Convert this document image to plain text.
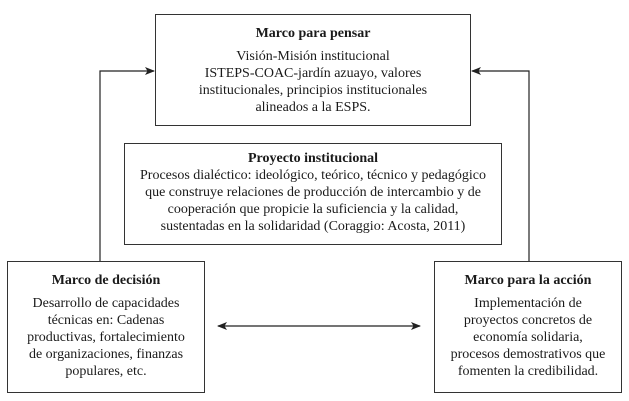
Marco para pensar
Visión-Misión institucional
ISTEPS-COAC-jardín azuayo, valores
institucionales, principios institucionales
alineados a la ESPS.
Proyecto institucional
Procesos dialéctico: ideológico, teórico, técnico y pedagógico
que construye relaciones de producción de intercambio y de
cooperación que propicie la suficiencia y la calidad,
sustentadas en la solidaridad (Coraggio: Acosta, 2011)
Marco de decisión
Desarrollo de capacidades
técnicas en: Cadenas
productivas, fortalecimiento
de organizaciones, finanzas
populares, etc.
Marco para la acción
Implementación de
proyectos concretos de
economía solidaria,
procesos demostrativos que
fomenten la credibilidad.
